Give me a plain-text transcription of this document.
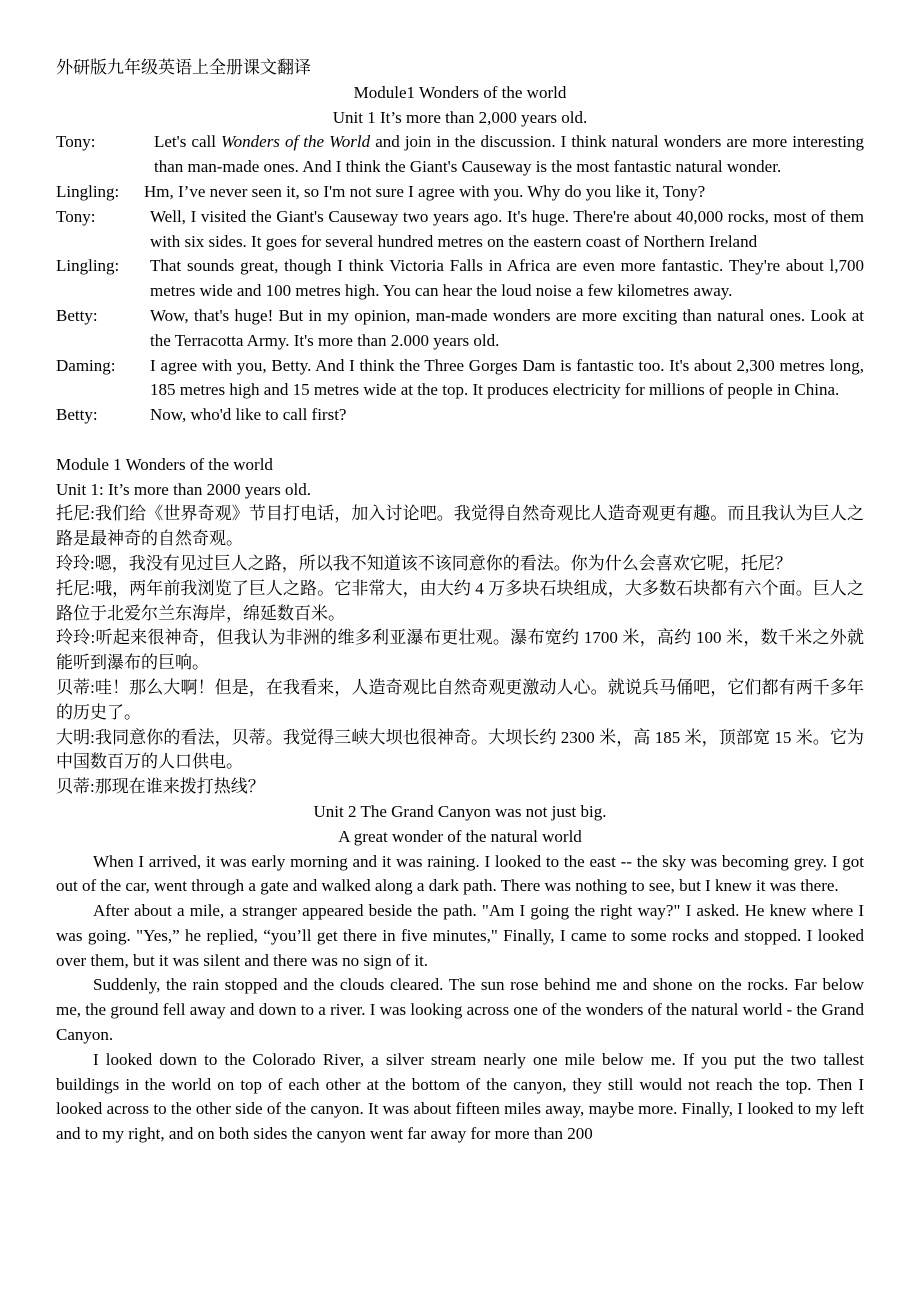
外研版九年级英语上全册课文翻译
Module1 Wonders of the world
Unit 1 It’s more than 2,000 years old.
Tony:	Let's call Wonders of the World and join in the discussion. I think natural wonders are more interesting than man-made ones. And I think the Giant's Causeway is the most fantastic natural wonder.
Lingling:	Hm, I’ve never seen it, so I'm not sure I agree with you. Why do you like it, Tony?
Tony:	Well, I visited the Giant's Causeway two years ago. It's huge. There're about 40,000 rocks, most of them with six sides. It goes for several hundred metres on the eastern coast of Northern Ireland
Lingling:	That sounds great, though I think Victoria Falls in Africa are even more fantastic. They're about l,700 metres wide and 100 metres high. You can hear the loud noise a few kilometres away.
Betty:	Wow, that's huge! But in my opinion, man-made wonders are more exciting than natural ones. Look at the Terracotta Army. It's more than 2.000 years old.
Daming:	I agree with you, Betty. And I think the Three Gorges Dam is fantastic too. It's about 2,300 metres long, 185 metres high and 15 metres wide at the top. It produces electricity for millions of people in China.
Betty:	Now, who'd like to call first?
Module 1 Wonders of the world
Unit 1: It’s more than 2000 years old.

托尼:我们给《世界奇观》节目打电话，加入讨论吧。我觉得自然奇观比人造奇观更有趣。而且我认为巨人之路是最神奇的自然奇观。

玲玲:嗯，我没有见过巨人之路，所以我不知道该不该同意你的看法。你为什么会喜欢它呢，托尼？

托尼:哦，两年前我浏览了巨人之路。它非常大，由大约 4 万多块石块组成，大多数石块都有六个面。巨人之路位于北爱尔兰东海岸，绵延数百米。

玲玲:听起来很神奇，但我认为非洲的维多利亚瀑布更壮观。瀑布宽约 1700 米，高约 100 米，数千米之外就能听到瀑布的巨响。

贝蒂:哇！那么大啊！但是，在我看来，人造奇观比自然奇观更激动人心。就说兵马俑吧，它们都有两千多年的历史了。

大明:我同意你的看法，贝蒂。我觉得三峡大坝也很神奇。大坝长约 2300 米，高 185 米，顶部宽 15 米。它为中国数百万的人口供电。

贝蒂:那现在谁来拨打热线？

Unit 2 The Grand Canyon was not just big.
A great wonder of the natural world

When I arrived, it was early morning and it was raining. I looked to the east -- the sky was becoming grey. I got out of the car, went through a gate and walked along a dark path. There was nothing to see, but I knew it was there.

After about a mile, a stranger appeared beside the path. "Am I going the right way?" I asked. He knew where I was going. "Yes,” he replied, “you’ll get there in five minutes," Finally, I came to some rocks and stopped. I looked over them, but it was silent and there was no sign of it.

Suddenly, the rain stopped and the clouds cleared. The sun rose behind me and shone on the rocks. Far below me, the ground fell away and down to a river. I was looking across one of the wonders of the natural world - the Grand Canyon.

I looked down to the Colorado River, a silver stream nearly one mile below me. If you put the two tallest buildings in the world on top of each other at the bottom of the canyon, they still would not reach the top. Then I looked across to the other side of the canyon. It was about fifteen miles away, maybe more. Finally, I looked to my left and to my right, and on both sides the canyon went far away for more than 200
